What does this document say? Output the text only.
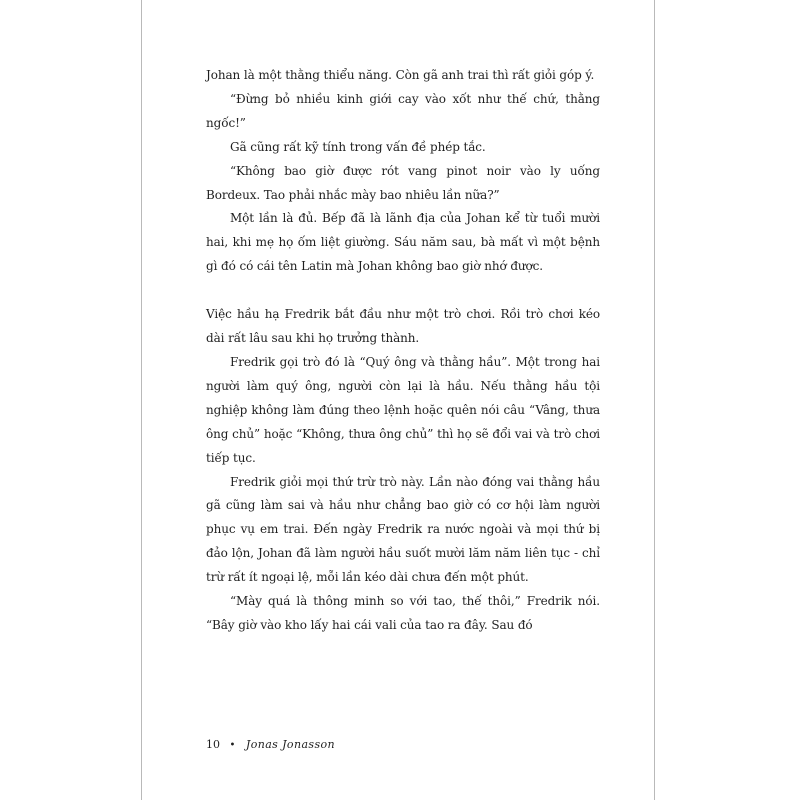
Johan là một thằng thiểu năng. Còn gã anh trai thì rất giỏi góp ý.

“Đừng bỏ nhiều kinh giới cay vào xốt như thế chứ, thằng ngốc!”

Gã cũng rất kỹ tính trong vấn đề phép tắc.

“Không bao giờ được rót vang pinot noir vào ly uống Bordeux. Tao phải nhắc mày bao nhiêu lần nữa?”

Một lần là đủ. Bếp đã là lãnh địa của Johan kể từ tuổi mười hai, khi mẹ họ ốm liệt giường. Sáu năm sau, bà mất vì một bệnh gì đó có cái tên Latin mà Johan không bao giờ nhớ được.

Việc hầu hạ Fredrik bắt đầu như một trò chơi. Rồi trò chơi kéo dài rất lâu sau khi họ trưởng thành.

Fredrik gọi trò đó là “Quý ông và thằng hầu”. Một trong hai người làm quý ông, người còn lại là hầu. Nếu thằng hầu tội nghiệp không làm đúng theo lệnh hoặc quên nói câu “Vâng, thưa ông chủ” hoặc “Không, thưa ông chủ” thì họ sẽ đổi vai và trò chơi tiếp tục.

Fredrik giỏi mọi thứ trừ trò này. Lần nào đóng vai thằng hầu gã cũng làm sai và hầu như chẳng bao giờ có cơ hội làm người phục vụ em trai. Đến ngày Fredrik ra nước ngoài và mọi thứ bị đảo lộn, Johan đã làm người hầu suốt mười lăm năm liên tục - chỉ trừ rất ít ngoại lệ, mỗi lần kéo dài chưa đến một phút.

“Mày quá là thông minh so với tao, thế thôi,” Fredrik nói. “Bây giờ vào kho lấy hai cái vali của tao ra đây. Sau đó

10 • Jonas Jonasson
